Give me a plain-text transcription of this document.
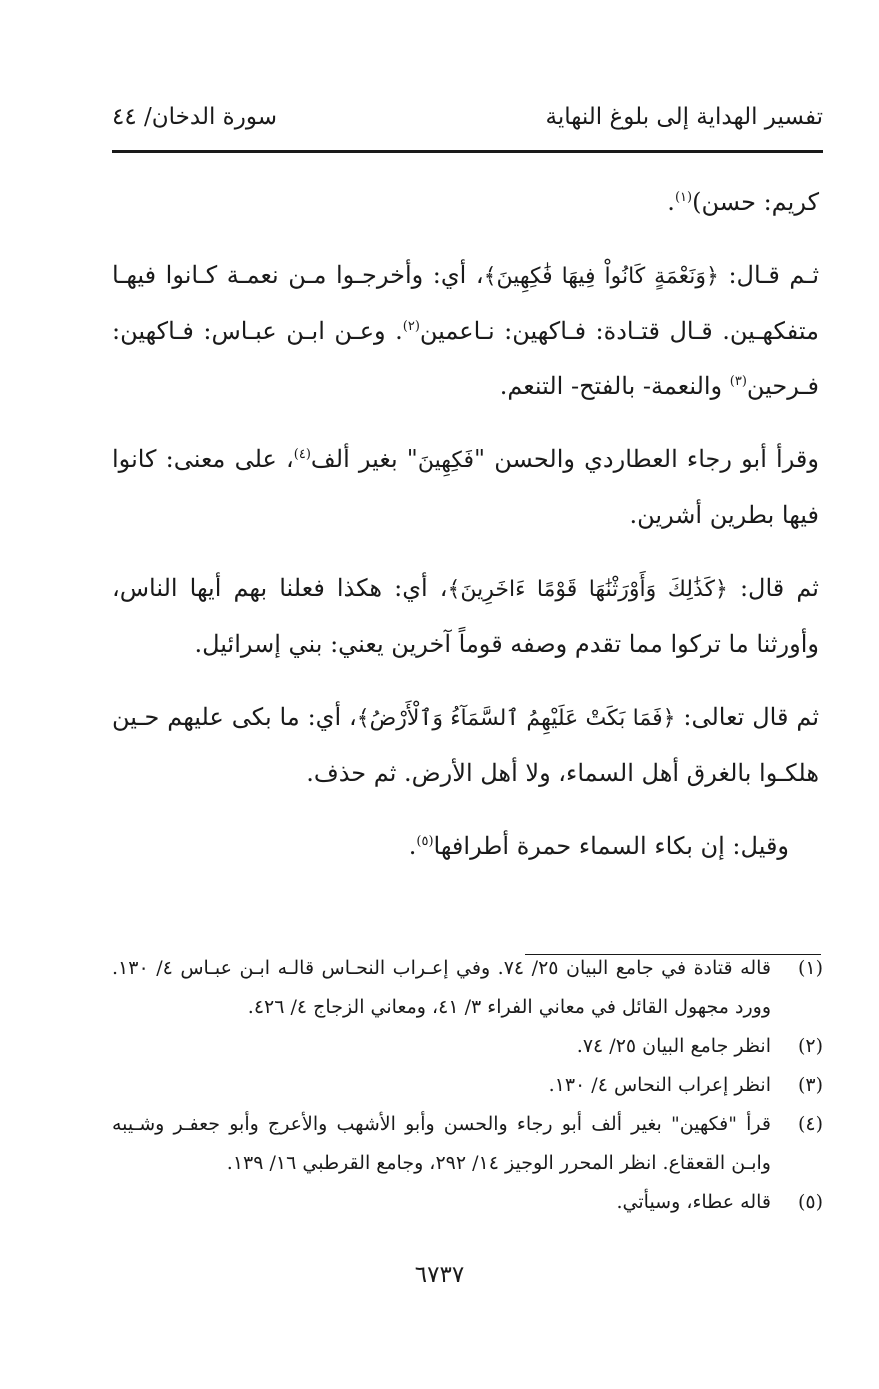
تفسير الهداية إلى بلوغ النهاية
سورة الدخان/ ٤٤

كريم: حسن)$^{(١)}$.

ثـم قـال: ﴿وَنَعْمَةٍ كَانُواْ فِيهَا فَٰكِهِينَ﴾، أي: وأخرجـوا مـن نعمـة كـانوا فيهـا متفكهـين. قـال قتـادة: فـاكهين: نـاعمين$^{(٢)}$. وعـن ابـن عبـاس: فـاكهين: فـرحين$^{(٣)}$ والنعمة- بالفتح- التنعم.

وقرأ أبو رجاء العطاردي والحسن "فَكِهِينَ" بغير ألف$^{(٤)}$، على معنى: كانوا فيها بطرين أشرين.

ثم قال: ﴿كَذَٰلِكَ وَأَوْرَثْنَٰهَا قَوْمًا ءَاخَرِينَ﴾، أي: هكذا فعلنا بهم أيها الناس، وأورثنا ما تركوا مما تقدم وصفه قوماً آخرين يعني: بني إسرائيل.

ثم قال تعالى: ﴿فَمَا بَكَتْ عَلَيْهِمُ ٱلسَّمَآءُ وَٱلْأَرْضُ﴾، أي: ما بكى عليهم حـين هلكـوا بالغرق أهل السماء، ولا أهل الأرض. ثم حذف.

وقيل: إن بكاء السماء حمرة أطرافها$^{(٥)}$.

(١)
قاله قتادة في جامع البيان ٢٥/ ٧٤. وفي إعـراب النحـاس قالـه ابـن عبـاس ٤/ ١٣٠. وورد مجهول القائل في معاني الفراء ٣/ ٤١، ومعاني الزجاج ٤/ ٤٢٦.
(٢)
انظر جامع البيان ٢٥/ ٧٤.
(٣)
انظر إعراب النحاس ٤/ ١٣٠.
(٤)
قرأ "فكهين" بغير ألف أبو رجاء والحسن وأبو الأشهب والأعرج وأبو جعفـر وشـيبه وابـن القعقاع. انظر المحرر الوجيز ١٤/ ٢٩٢، وجامع القرطبي ١٦/ ١٣٩.
(٥)
قاله عطاء، وسيأتي.
٦٧٣٧
